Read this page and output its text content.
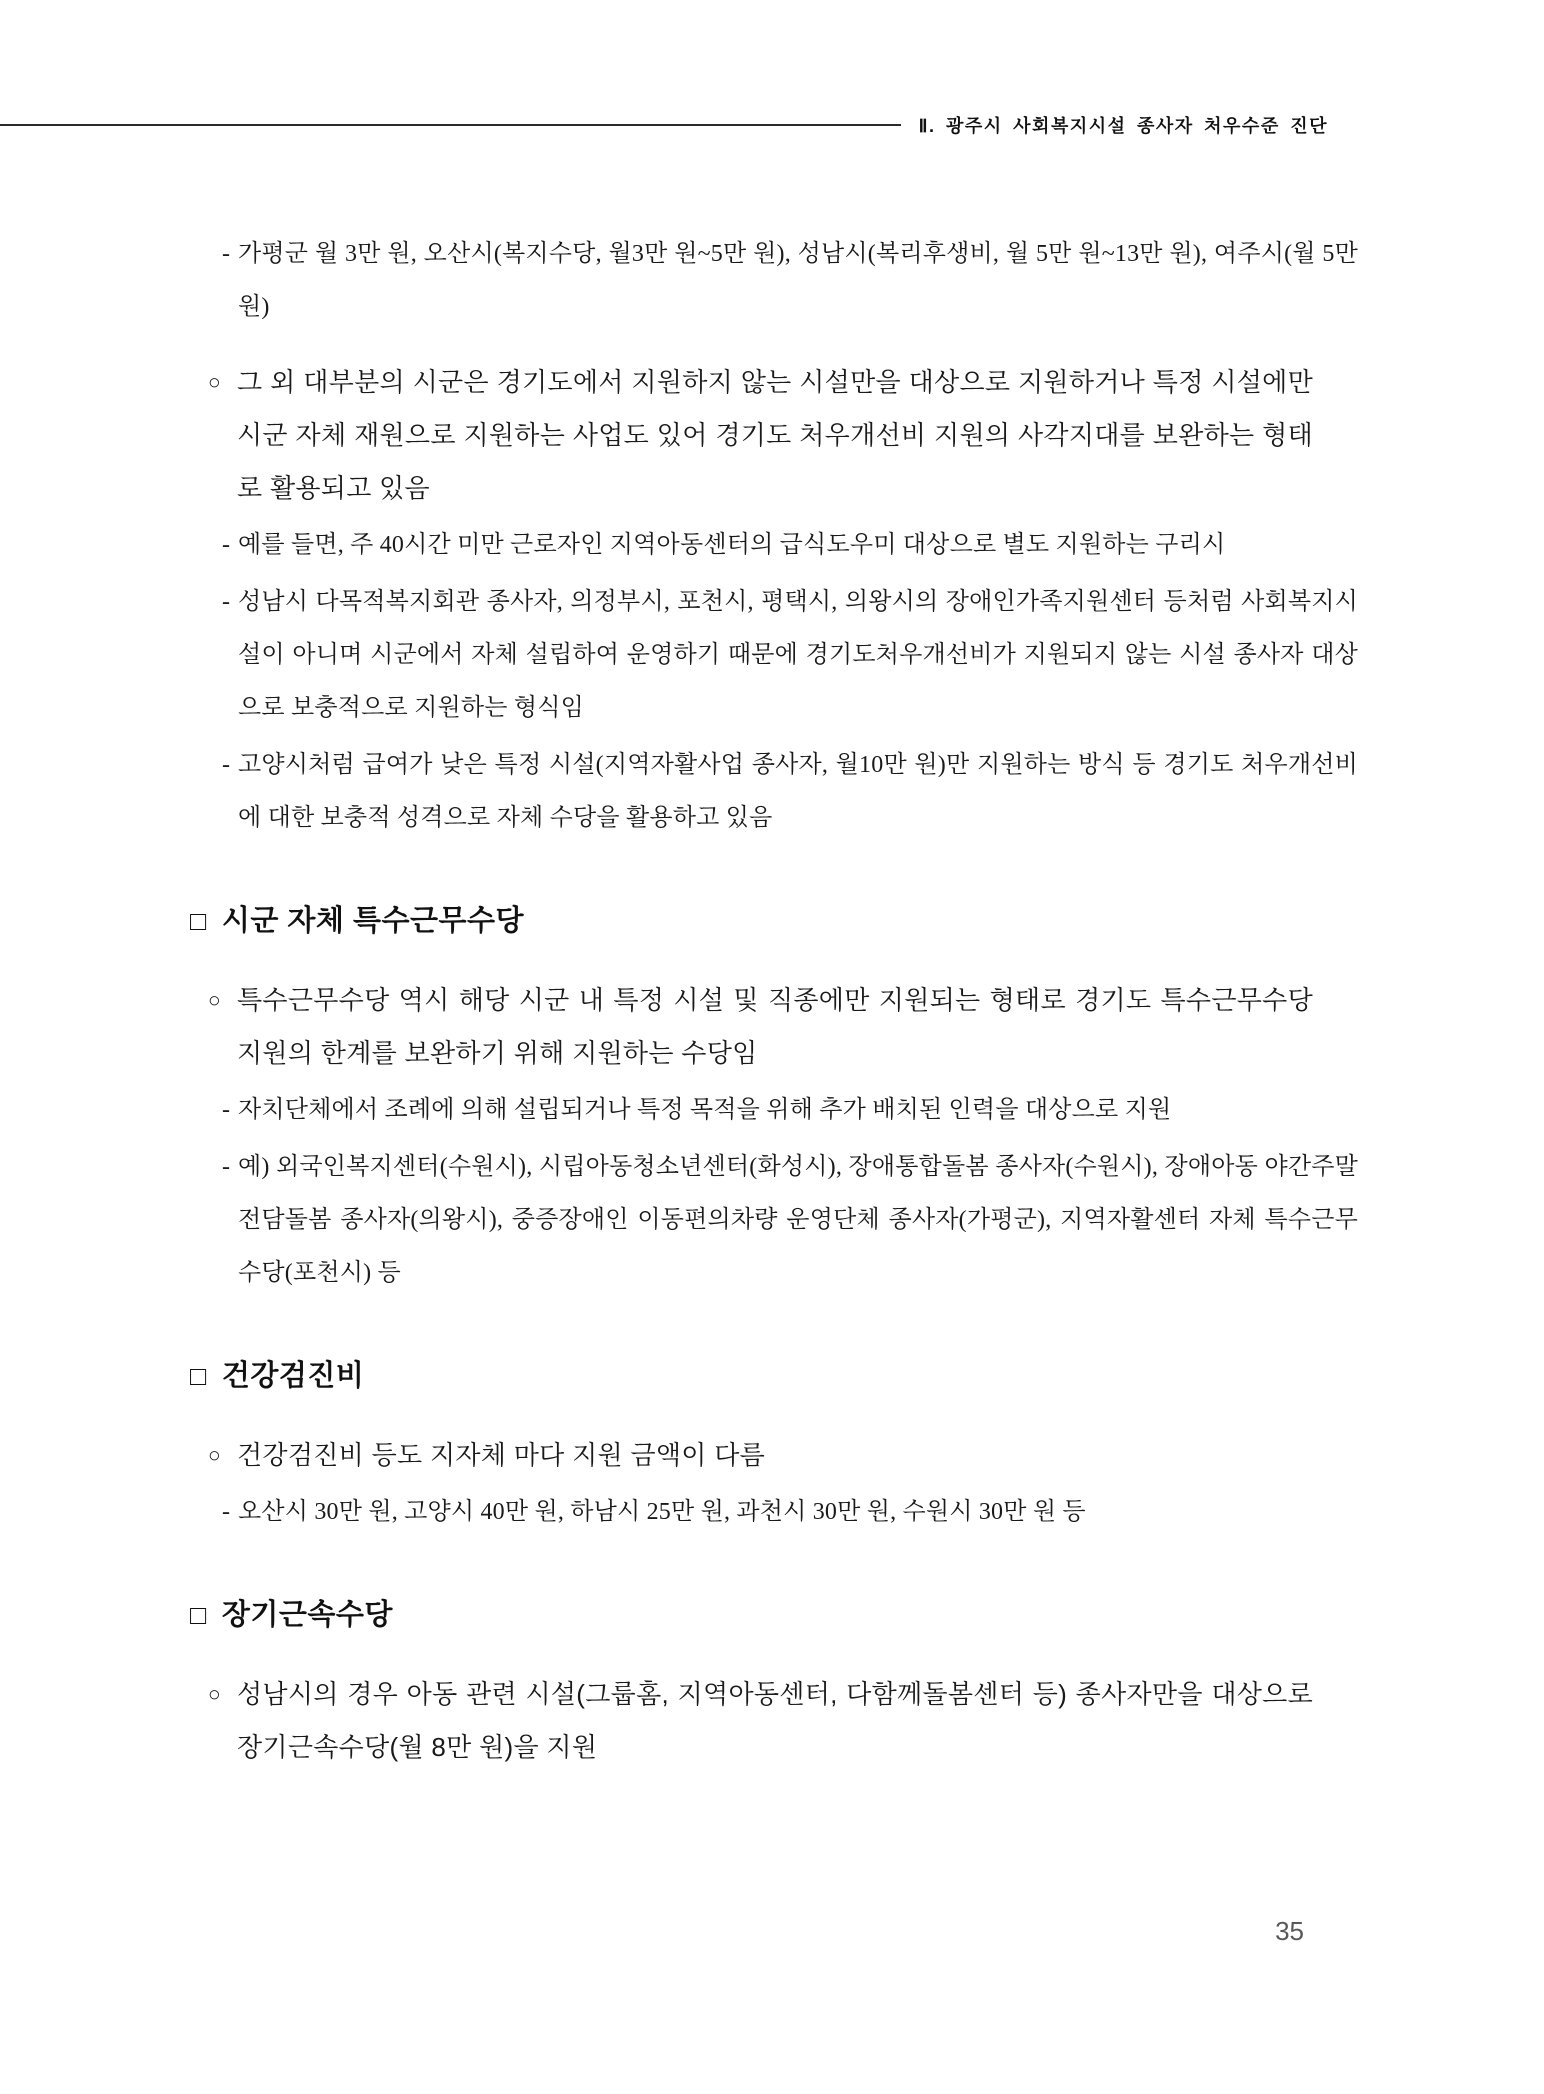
Ⅱ. 광주시 사회복지시설 종사자 처우수준 진단
- 가평군 월 3만 원, 오산시(복지수당, 월3만 원~5만 원), 성남시(복리후생비, 월 5만 원~13만 원), 여주시(월 5만 원)

○ 그 외 대부분의 시군은 경기도에서 지원하지 않는 시설만을 대상으로 지원하거나 특정 시설에만 시군 자체 재원으로 지원하는 사업도 있어 경기도 처우개선비 지원의 사각지대를 보완하는 형태로 활용되고 있음

- 예를 들면, 주 40시간 미만 근로자인 지역아동센터의 급식도우미 대상으로 별도 지원하는 구리시

- 성남시 다목적복지회관 종사자, 의정부시, 포천시, 평택시, 의왕시의 장애인가족지원센터 등처럼 사회복지시설이 아니며 시군에서 자체 설립하여 운영하기 때문에 경기도처우개선비가 지원되지 않는 시설 종사자 대상으로 보충적으로 지원하는 형식임

- 고양시처럼 급여가 낮은 특정 시설(지역자활사업 종사자, 월10만 원)만 지원하는 방식 등 경기도 처우개선비에 대한 보충적 성격으로 자체 수당을 활용하고 있음

□ 시군 자체 특수근무수당
○ 특수근무수당 역시 해당 시군 내 특정 시설 및 직종에만 지원되는 형태로 경기도 특수근무수당 지원의 한계를 보완하기 위해 지원하는 수당임

- 자치단체에서 조례에 의해 설립되거나 특정 목적을 위해 추가 배치된 인력을 대상으로 지원

- 예) 외국인복지센터(수원시), 시립아동청소년센터(화성시), 장애통합돌봄 종사자(수원시), 장애아동 야간주말전담돌봄 종사자(의왕시), 중증장애인 이동편의차량 운영단체 종사자(가평군), 지역자활센터 자체 특수근무수당(포천시) 등

□ 건강검진비
○ 건강검진비 등도 지자체 마다 지원 금액이 다름

- 오산시 30만 원, 고양시 40만 원, 하남시 25만 원, 과천시 30만 원, 수원시 30만 원 등

□ 장기근속수당
○ 성남시의 경우 아동 관련 시설(그룹홈, 지역아동센터, 다함께돌봄센터 등) 종사자만을 대상으로 장기근속수당(월 8만 원)을 지원

35
